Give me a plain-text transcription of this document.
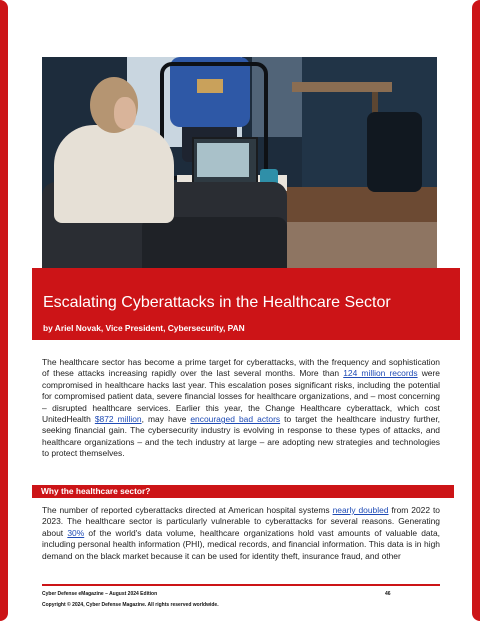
Escalating Cyberattacks in the Healthcare Sector

by Ariel Novak, Vice President, Cybersecurity, PAN

The healthcare sector has become a prime target for cyberattacks, with the frequency and sophistication of these attacks increasing rapidly over the last several months. More than 124 million records were compromised in healthcare hacks last year. This escalation poses significant risks, including the potential for compromised patient data, severe financial losses for healthcare organizations, and – most concerning – disrupted healthcare services. Earlier this year, the Change Healthcare cyberattack, which cost UnitedHealth $872 million, may have encouraged bad actors to target the healthcare industry further, seeking financial gain. The cybersecurity industry is evolving in response to these types of attacks, and healthcare organizations – and the tech industry at large – are adopting new strategies and technologies to protect themselves.

Why the healthcare sector?

The number of reported cyberattacks directed at American hospital systems nearly doubled from 2022 to 2023. The healthcare sector is particularly vulnerable to cyberattacks for several reasons. Generating about 30% of the world's data volume, healthcare organizations hold vast amounts of valuable data, including personal health information (PHI), medical records, and financial information. This data is in high demand on the black market because it can be used for identity theft, insurance fraud, and other

Cyber Defense eMagazine – August 2024 Edition	46

Copyright © 2024, Cyber Defense Magazine. All rights reserved worldwide.
